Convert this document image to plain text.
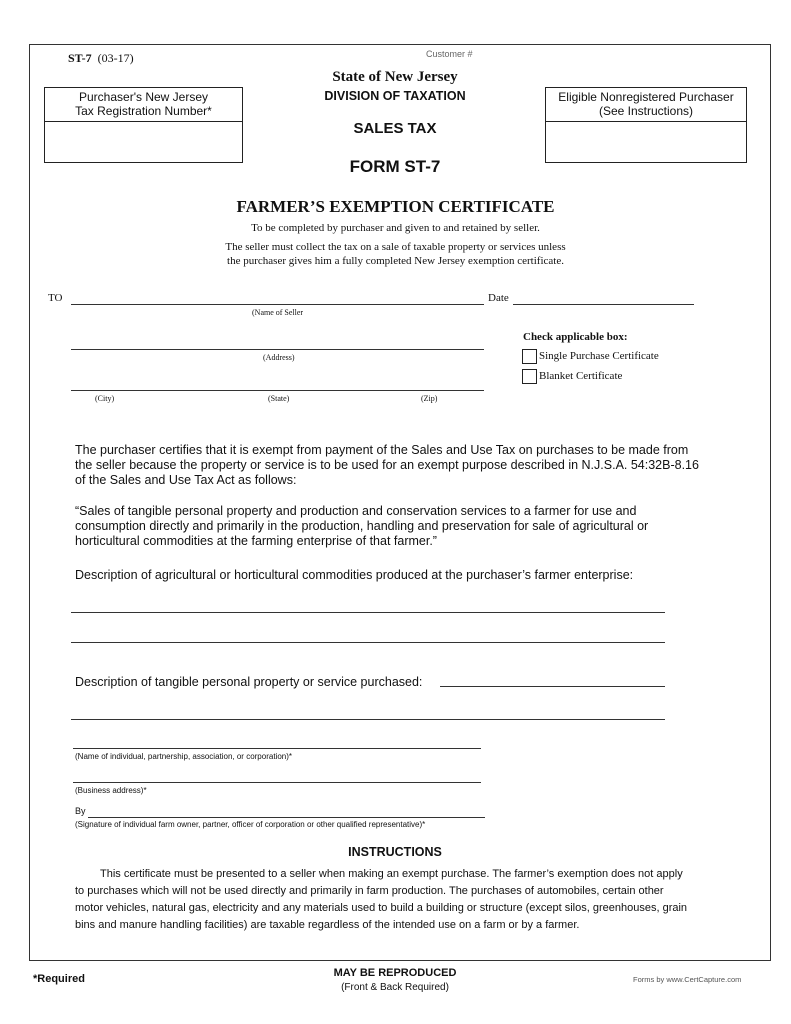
ST-7 (03-17)	Customer #
State of New Jersey
DIVISION OF TAXATION
SALES TAX
FORM ST-7
Purchaser's New Jersey
Tax Registration Number*
Eligible Nonregistered Purchaser
(See Instructions)
FARMER’S EXEMPTION CERTIFICATE
To be completed by purchaser and given to and retained by seller.
The seller must collect the tax on a sale of taxable property or services unless
the purchaser gives him a fully completed New Jersey exemption certificate.
TO
(Name of Seller
Date
(Address)
(City)	(State)	(Zip)
Check applicable box:
Single Purchase Certificate
Blanket Certificate
The purchaser certifies that it is exempt from payment of the Sales and Use Tax on purchases to be made from
the seller because the property or service is to be used for an exempt purpose described in N.J.S.A. 54:32B-8.16
of the Sales and Use Tax Act as follows:
“Sales of tangible personal property and production and conservation services to a farmer for use and
consumption directly and primarily in the production, handling and preservation for sale of agricultural or
horticultural commodities at the farming enterprise of that farmer.”
Description of agricultural or horticultural commodities produced at the purchaser’s farmer enterprise:
Description of tangible personal property or service purchased:
(Name of individual, partnership, association, or corporation)*
(Business address)*
By
(Signature of individual farm owner, partner, officer of corporation or other qualified representative)*
INSTRUCTIONS
This certificate must be presented to a seller when making an exempt purchase. The farmer’s exemption does not apply
to purchases which will not be used directly and primarily in farm production. The purchases of automobiles, certain other
motor vehicles, natural gas, electricity and any materials used to build a building or structure (except silos, greenhouses, grain
bins and manure handling facilities) are taxable regardless of the intended use on a farm or by a farmer.
*Required	MAY BE REPRODUCED
(Front & Back Required)
Forms by www.CertCapture.com
